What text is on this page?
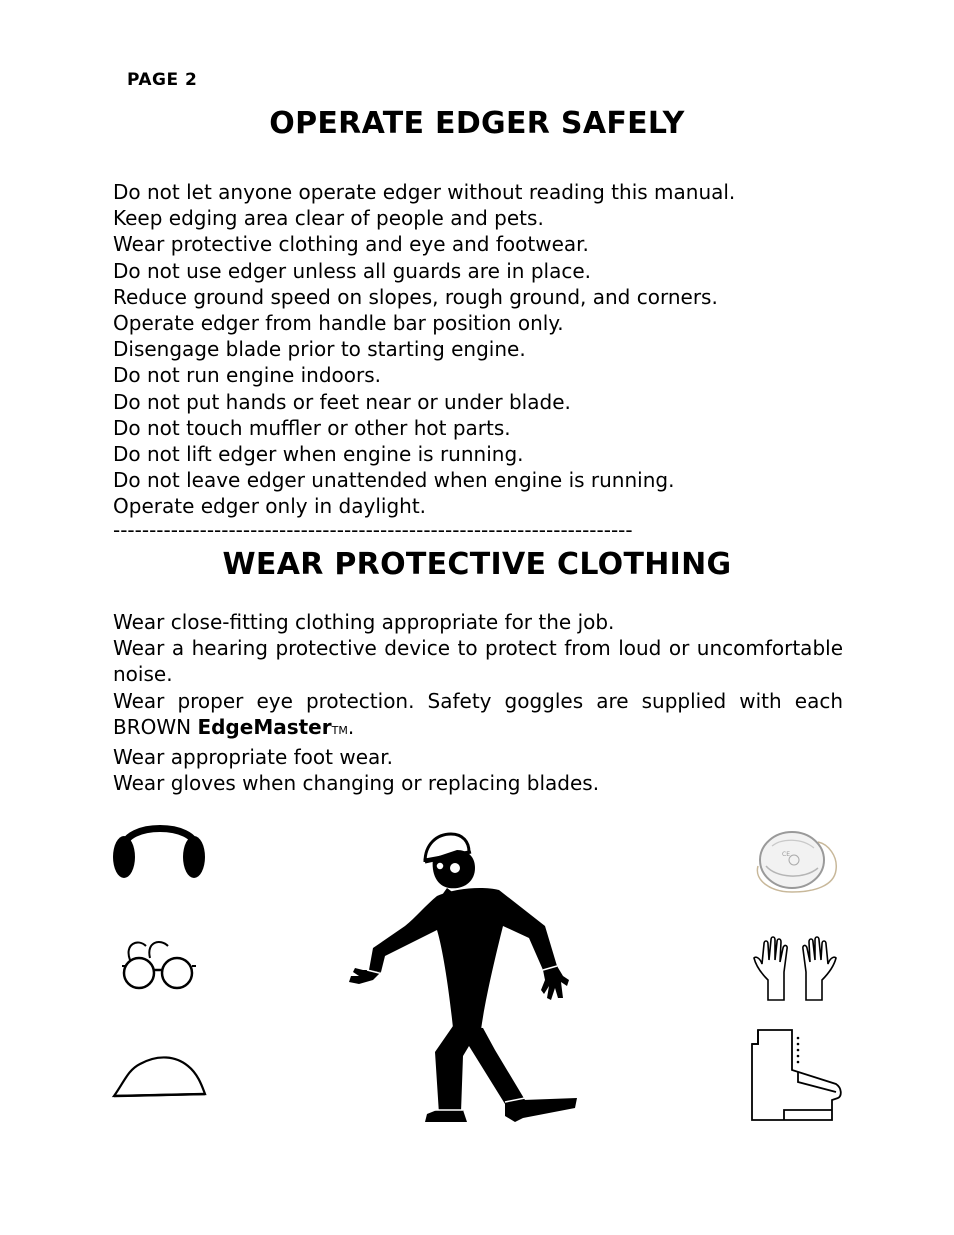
PAGE 2
OPERATE EDGER SAFELY
Do not let anyone operate edger without reading this manual.
Keep edging area clear of people and pets.
Wear protective clothing and eye and footwear.
Do not use edger unless all guards are in place.
Reduce ground speed on slopes, rough ground, and corners.
Operate edger from handle bar position only.
Disengage blade prior to starting engine.
Do not run engine indoors.
Do not put hands or feet near or under blade.
Do not touch muffler or other hot parts.
Do not lift edger when engine is running.
Do not leave edger unattended when engine is running.
Operate edger only in daylight.
------------------------------------------------------------------------
WEAR PROTECTIVE CLOTHING
Wear close-fitting clothing appropriate for the job.
Wear a hearing protective device to protect from loud or uncomfortable noise.
Wear proper eye protection. Safety goggles are supplied with each BROWN EdgeMasterTM.
Wear appropriate foot wear.
Wear gloves when changing or replacing blades.
CE
